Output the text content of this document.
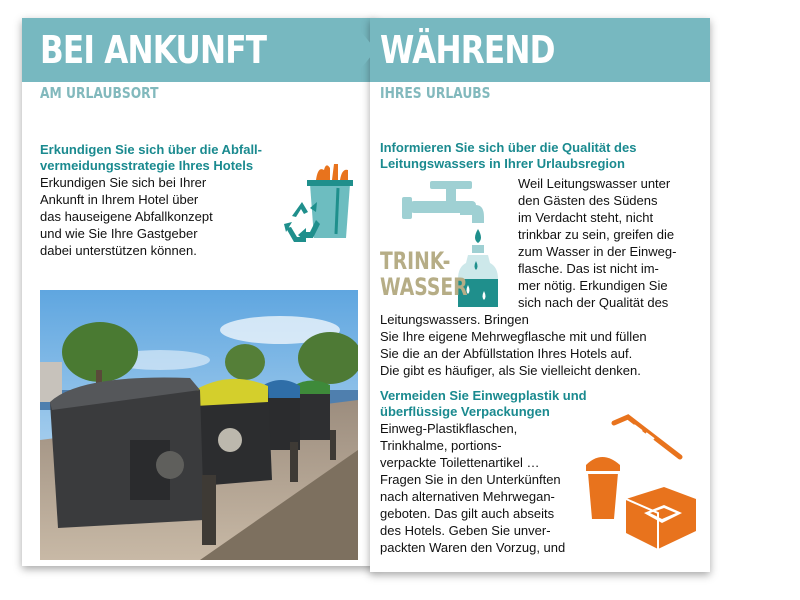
BEI ANKUNFT
AM URLAUBSORT
Erkundigen Sie sich über die Abfall-
vermeidungsstrategie Ihres Hotels
Erkundigen Sie sich bei Ihrer
Ankunft in Ihrem Hotel über
das hauseigene Abfallkonzept
und wie Sie Ihre Gastgeber
dabei unterstützen können.
WÄHREND
IHRES URLAUBS
Informieren Sie sich über die Qualität des
Leitungswassers in Ihrer Urlaubsregion
TRINK-
WASSER
Weil Leitungswasser unter
den Gästen des Südens
im Verdacht steht, nicht
trinkbar zu sein, greifen die
zum Wasser in der Einweg-
flasche. Das ist nicht im-
mer nötig. Erkundigen Sie
sich nach der Qualität des
Leitungswassers. Bringen
Sie Ihre eigene Mehrwegflasche mit und füllen
Sie die an der Abfüllstation Ihres Hotels auf.
Die gibt es häufiger, als Sie vielleicht denken.
Vermeiden Sie Einwegplastik und
überflüssige Verpackungen
Einweg-Plastikflaschen,
Trinkhalme, portions-
verpackte Toilettenartikel …
Fragen Sie in den Unterkünften
nach alternativen Mehrwegan-
geboten. Das gilt auch abseits
des Hotels. Geben Sie unver-
packten Waren den Vorzug, und
